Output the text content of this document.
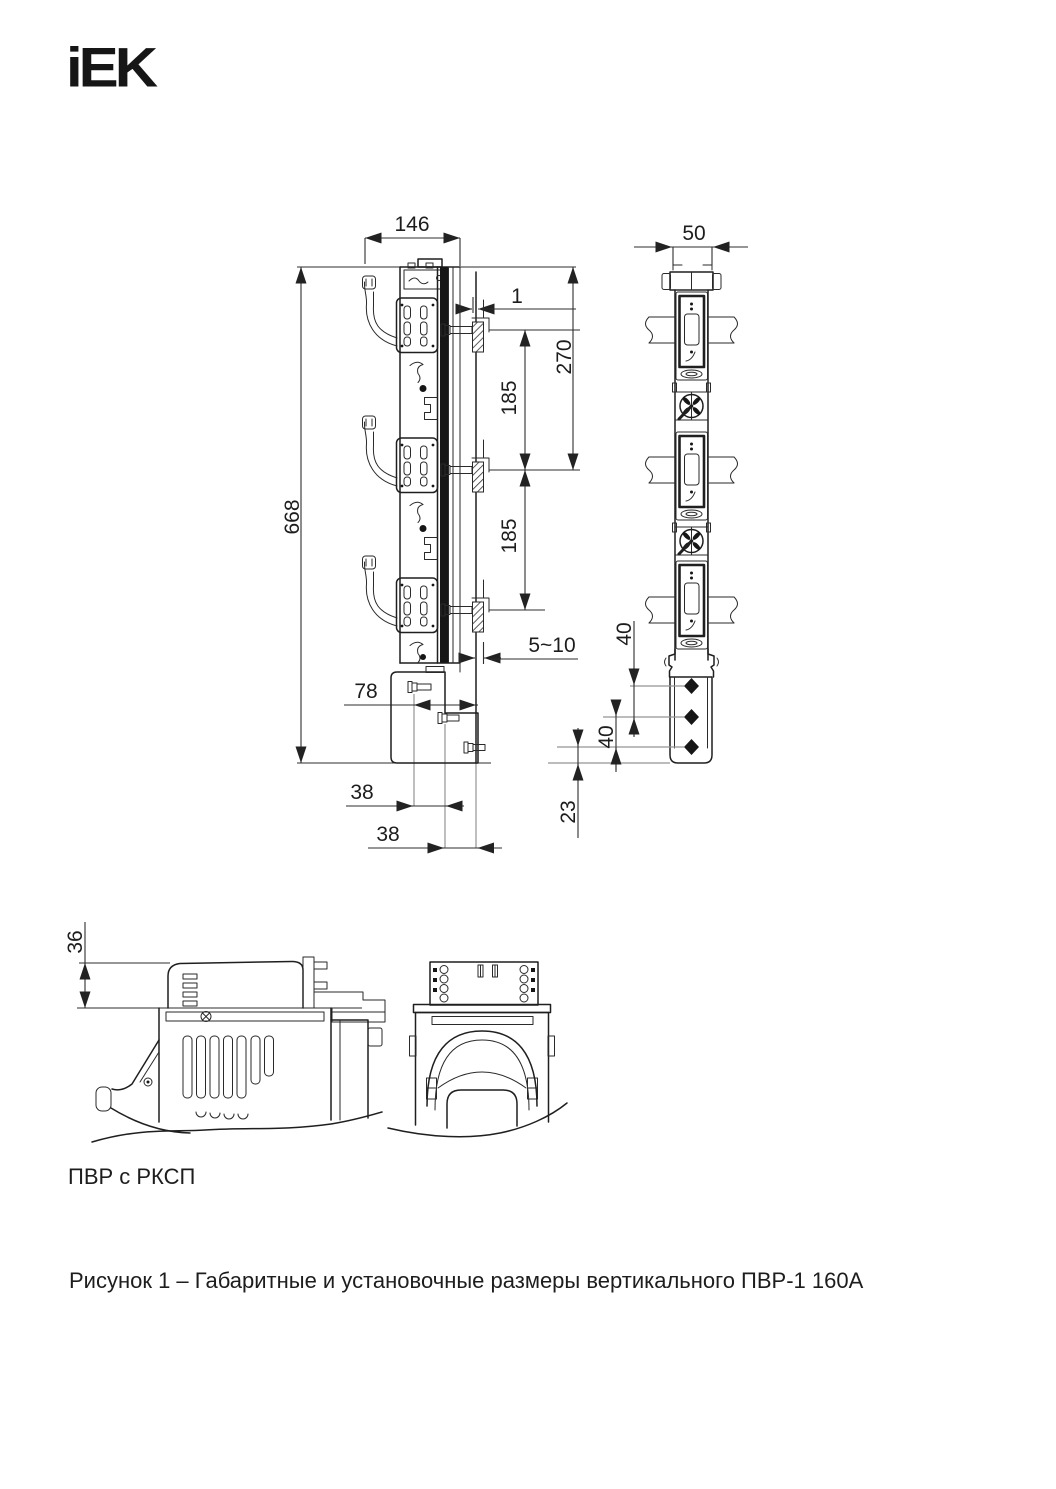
iEK
146
668
1
270
185
185
5~10
78
38
38
50
40
40
23
36
ПВР с РКСП
Рисунок 1 – Габаритные и установочные размеры вертикального ПВР-1 160А
